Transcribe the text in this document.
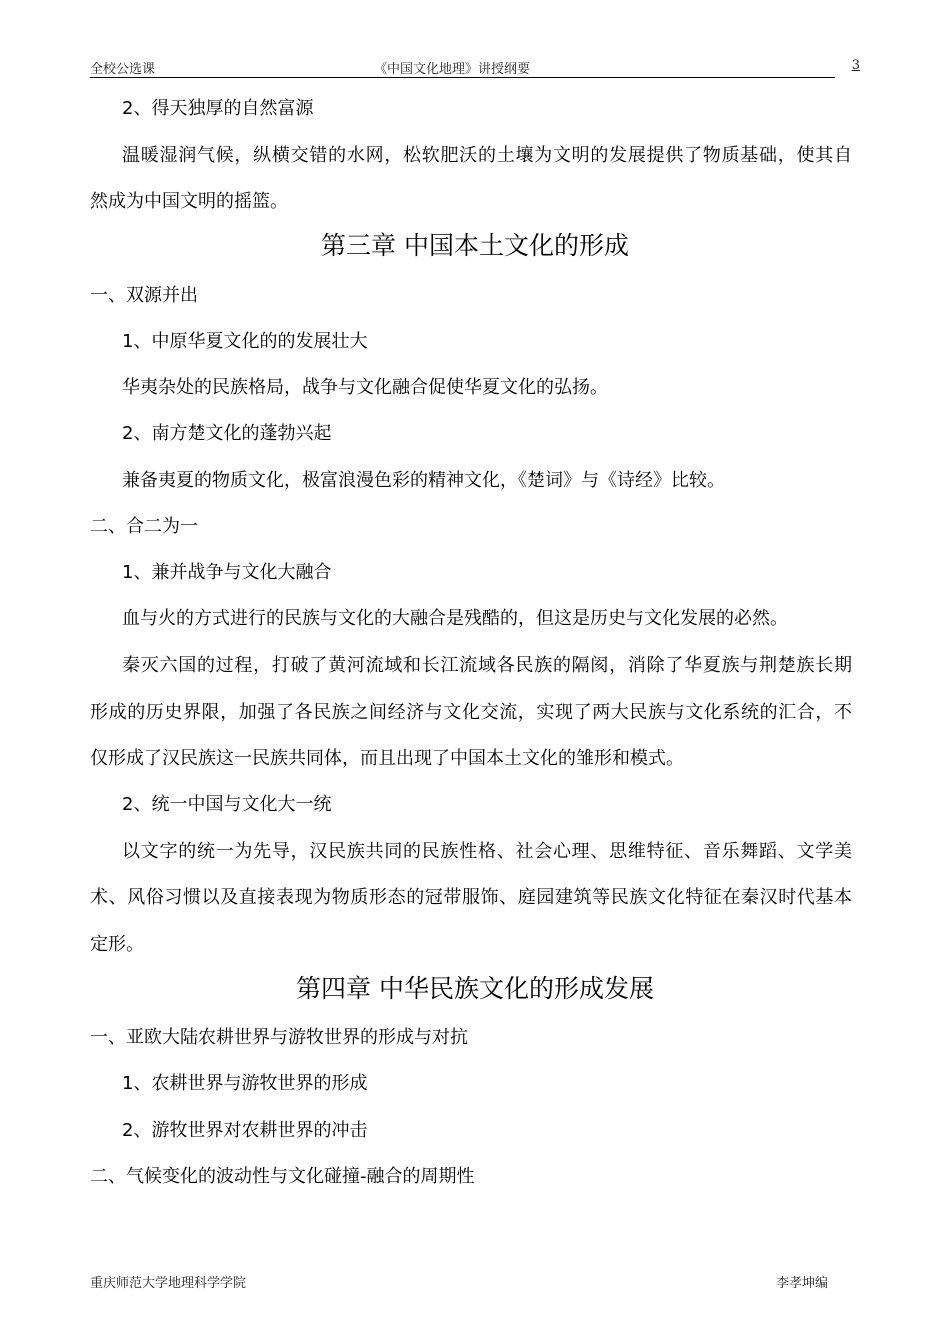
全校公选课	《中国文化地理》讲授纲要	3
2、得天独厚的自然富源
温暖湿润气候，纵横交错的水网，松软肥沃的土壤为文明的发展提供了物质基础，使其自
然成为中国文明的摇篮。
第三章 中国本土文化的形成
一、双源并出
1、中原华夏文化的的发展壮大
华夷杂处的民族格局，战争与文化融合促使华夏文化的弘扬。
2、南方楚文化的蓬勃兴起
兼备夷夏的物质文化，极富浪漫色彩的精神文化，《楚词》与《诗经》比较。
二、合二为一
1、兼并战争与文化大融合
血与火的方式进行的民族与文化的大融合是残酷的，但这是历史与文化发展的必然。
秦灭六国的过程，打破了黄河流域和长江流域各民族的隔阂，消除了华夏族与荆楚族长期
形成的历史界限，加强了各民族之间经济与文化交流，实现了两大民族与文化系统的汇合，不
仅形成了汉民族这一民族共同体，而且出现了中国本土文化的雏形和模式。
2、统一中国与文化大一统
以文字的统一为先导，汉民族共同的民族性格、社会心理、思维特征、音乐舞蹈、文学美
术、风俗习惯以及直接表现为物质形态的冠带服饰、庭园建筑等民族文化特征在秦汉时代基本
定形。
第四章 中华民族文化的形成发展
一、亚欧大陆农耕世界与游牧世界的形成与对抗
1、农耕世界与游牧世界的形成
2、游牧世界对农耕世界的冲击
二、气候变化的波动性与文化碰撞-融合的周期性
重庆师范大学地理科学学院	李孝坤编
